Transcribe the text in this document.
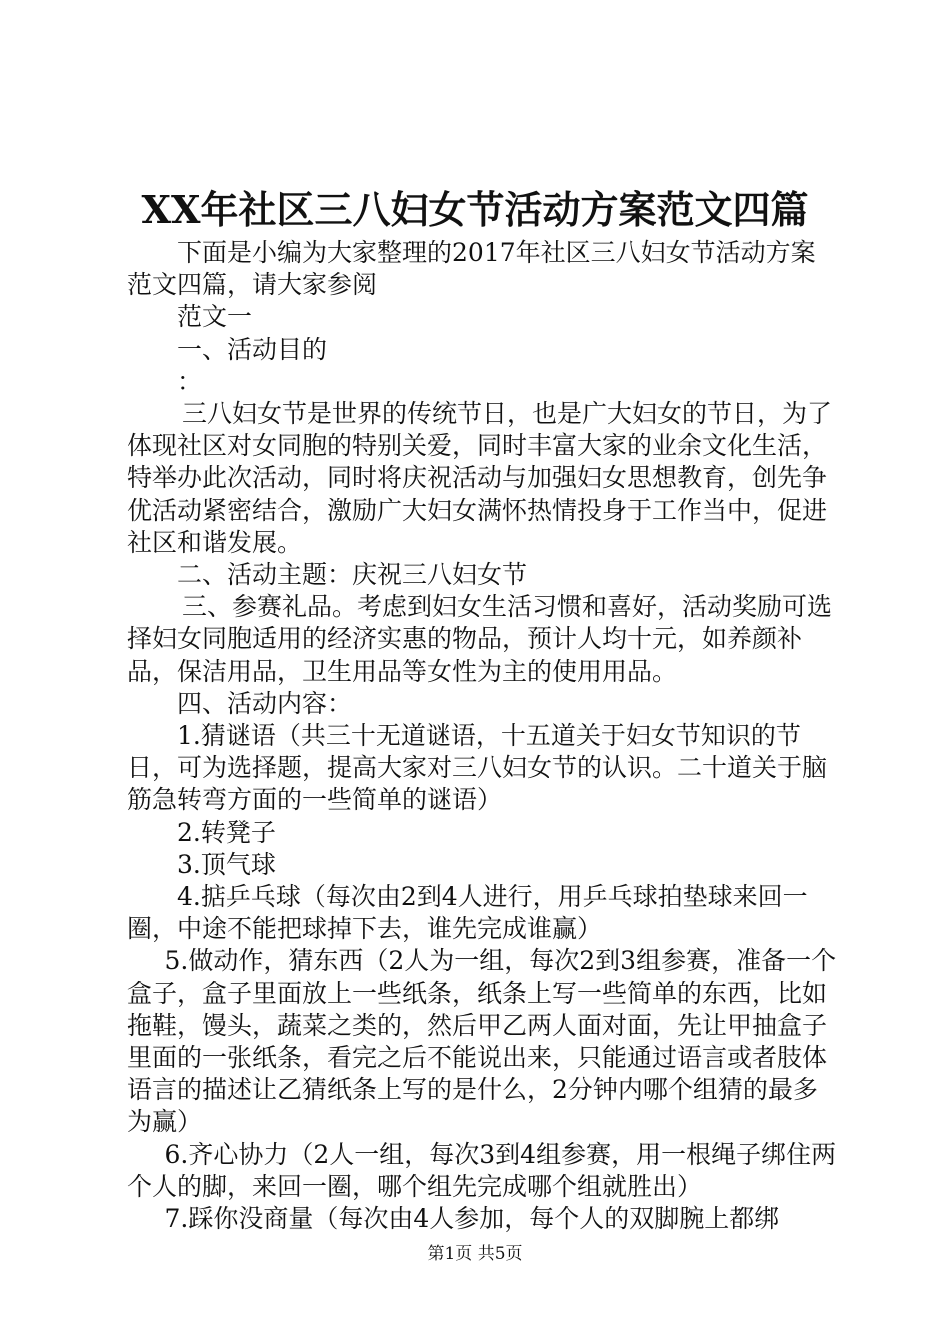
XX年社区三八妇女节活动方案范文四篇

下面是小编为大家整理的2017年社区三八妇女节活动方案范文四篇，请大家参阅

范文一

一、活动目的

：

三八妇女节是世界的传统节日，也是广大妇女的节日，为了体现社区对女同胞的特别关爱，同时丰富大家的业余文化生活，特举办此次活动，同时将庆祝活动与加强妇女思想教育，创先争优活动紧密结合，激励广大妇女满怀热情投身于工作当中，促进社区和谐发展。

二、活动主题：庆祝三八妇女节

三、参赛礼品。考虑到妇女生活习惯和喜好，活动奖励可选择妇女同胞适用的经济实惠的物品，预计人均十元，如养颜补品，保洁用品，卫生用品等女性为主的使用用品。

四、活动内容：

1.猜谜语（共三十无道谜语，十五道关于妇女节知识的节日，可为选择题，提高大家对三八妇女节的认识。二十道关于脑筋急转弯方面的一些简单的谜语）

2.转凳子

3.顶气球

4.掂乒乓球（每次由2到4人进行，用乒乓球拍垫球来回一圈，中途不能把球掉下去，谁先完成谁赢）

5.做动作，猜东西（2人为一组，每次2到3组参赛，准备一个盒子，盒子里面放上一些纸条，纸条上写一些简单的东西，比如拖鞋，馒头，蔬菜之类的，然后甲乙两人面对面，先让甲抽盒子里面的一张纸条，看完之后不能说出来，只能通过语言或者肢体语言的描述让乙猜纸条上写的是什么，2分钟内哪个组猜的最多为赢）

6.齐心协力（2人一组，每次3到4组参赛，用一根绳子绑住两个人的脚，来回一圈，哪个组先完成哪个组就胜出）

7.踩你没商量（每次由4人参加，每个人的双脚腕上都绑

第1页 共5页
